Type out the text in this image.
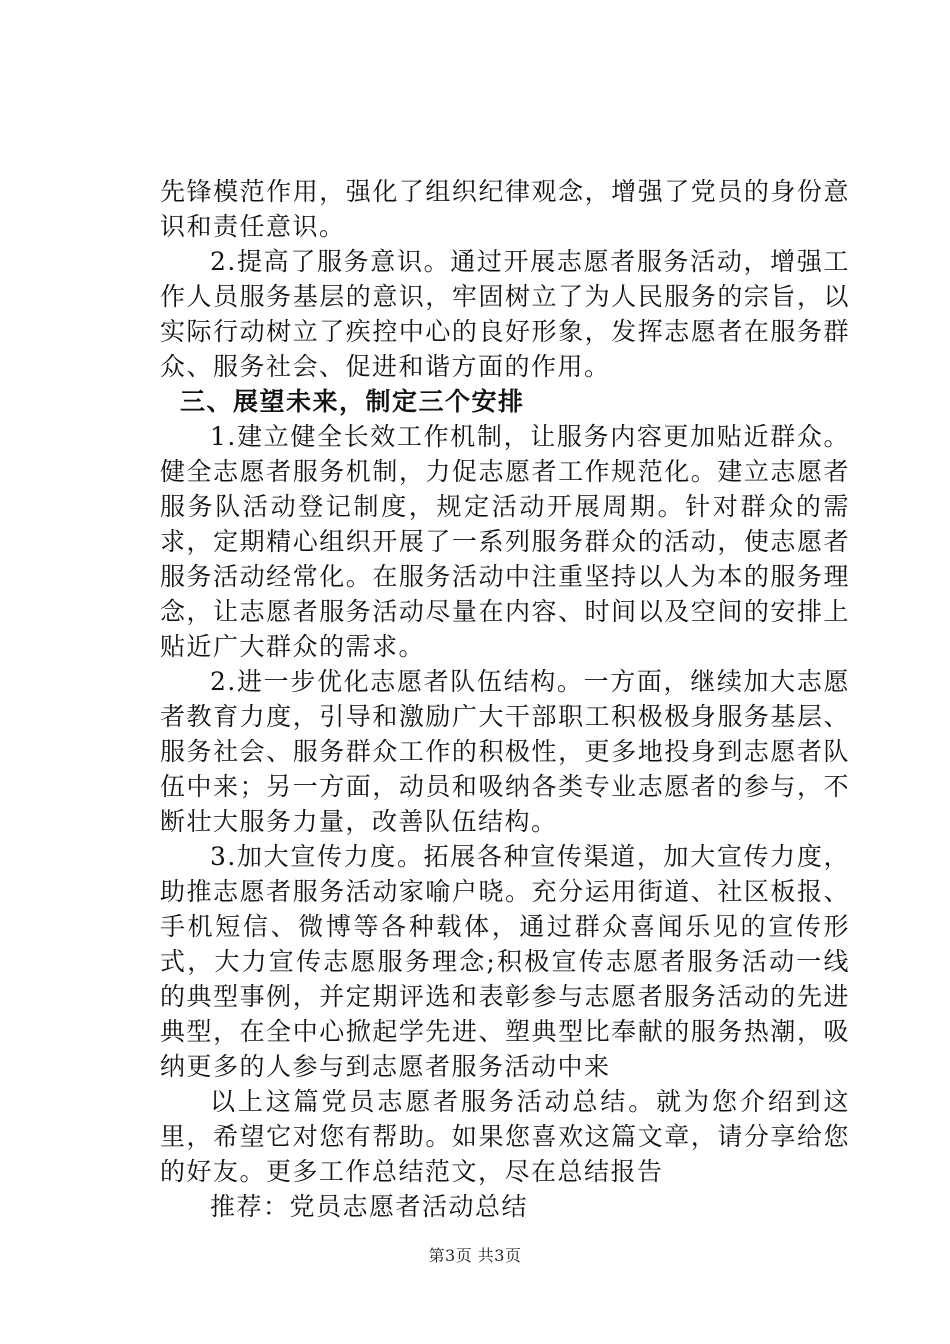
先锋模范作用，强化了组织纪律观念，增强了党员的身份意识和责任意识。

2.提高了服务意识。通过开展志愿者服务活动，增强工作人员服务基层的意识，牢固树立了为人民服务的宗旨，以实际行动树立了疾控中心的良好形象，发挥志愿者在服务群众、服务社会、促进和谐方面的作用。

三、展望未来，制定三个安排

1.建立健全长效工作机制，让服务内容更加贴近群众。健全志愿者服务机制，力促志愿者工作规范化。建立志愿者服务队活动登记制度，规定活动开展周期。针对群众的需求，定期精心组织开展了一系列服务群众的活动，使志愿者服务活动经常化。在服务活动中注重坚持以人为本的服务理念，让志愿者服务活动尽量在内容、时间以及空间的安排上贴近广大群众的需求。

2.进一步优化志愿者队伍结构。一方面，继续加大志愿者教育力度，引导和激励广大干部职工积极极身服务基层、服务社会、服务群众工作的积极性，更多地投身到志愿者队伍中来；另一方面，动员和吸纳各类专业志愿者的参与，不断壮大服务力量，改善队伍结构。

3.加大宣传力度。拓展各种宣传渠道，加大宣传力度，助推志愿者服务活动家喻户晓。充分运用街道、社区板报、手机短信、微博等各种载体，通过群众喜闻乐见的宣传形式，大力宣传志愿服务理念;积极宣传志愿者服务活动一线的典型事例，并定期评选和表彰参与志愿者服务活动的先进典型，在全中心掀起学先进、塑典型比奉献的服务热潮，吸纳更多的人参与到志愿者服务活动中来

以上这篇党员志愿者服务活动总结。就为您介绍到这里，希望它对您有帮助。如果您喜欢这篇文章，请分享给您的好友。更多工作总结范文，尽在总结报告

推荐：党员志愿者活动总结

第3页 共3页
